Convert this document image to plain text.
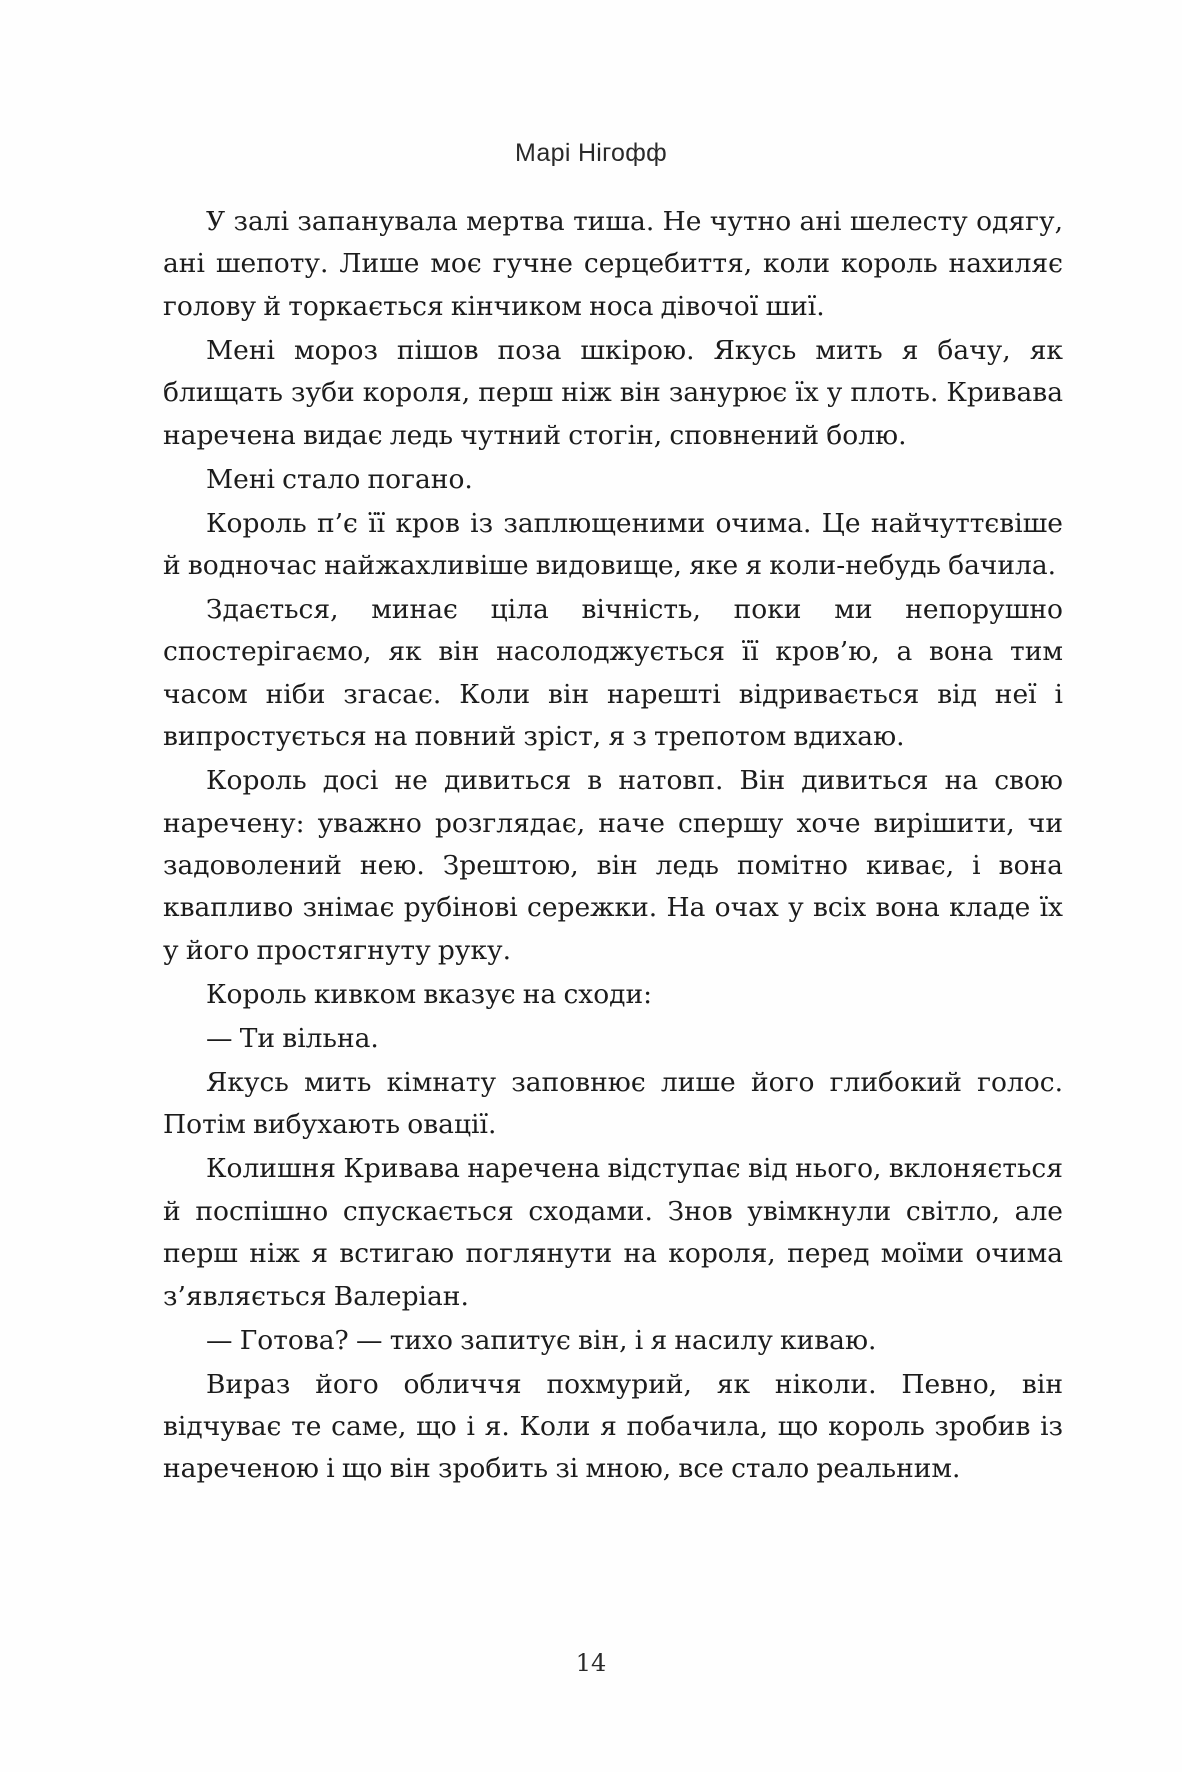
Марі Нігофф

У залі запанувала мертва тиша. Не чутно ані шелесту одягу, ані шепоту. Лише моє гучне серцебиття, коли король нахиляє голову й торкається кінчиком носа дівочої шиї.

Мені мороз пішов поза шкірою. Якусь мить я бачу, як блищать зуби короля, перш ніж він занурює їх у плоть. Кривава наречена видає ледь чутний стогін, сповнений болю.

Мені стало погано.

Король п’є її кров із заплющеними очима. Це найчуттєвіше й водночас найжахливіше видовище, яке я коли-небудь бачила.

Здається, минає ціла вічність, поки ми непорушно спостерігаємо, як він насолоджується її кров’ю, а вона тим часом ніби згасає. Коли він нарешті відривається від неї і випростується на повний зріст, я з трепотом вдихаю.

Король досі не дивиться в натовп. Він дивиться на свою наречену: уважно розглядає, наче спершу хоче вирішити, чи задоволений нею. Зрештою, він ледь помітно киває, і вона квапливо знімає рубінові сережки. На очах у всіх вона кладе їх у його простягнуту руку.

Король кивком вказує на сходи:

— Ти вільна.

Якусь мить кімнату заповнює лише його глибокий голос. Потім вибухають овації.

Колишня Кривава наречена відступає від нього, вклоняється й поспішно спускається сходами. Знов увімкнули світло, але перш ніж я встигаю поглянути на короля, перед моїми очима з’являється Валеріан.

— Готова? — тихо запитує він, і я насилу киваю.

Вираз його обличчя похмурий, як ніколи. Певно, він відчуває те саме, що і я. Коли я побачила, що король зробив із нареченою і що він зробить зі мною, все стало реальним.

14
